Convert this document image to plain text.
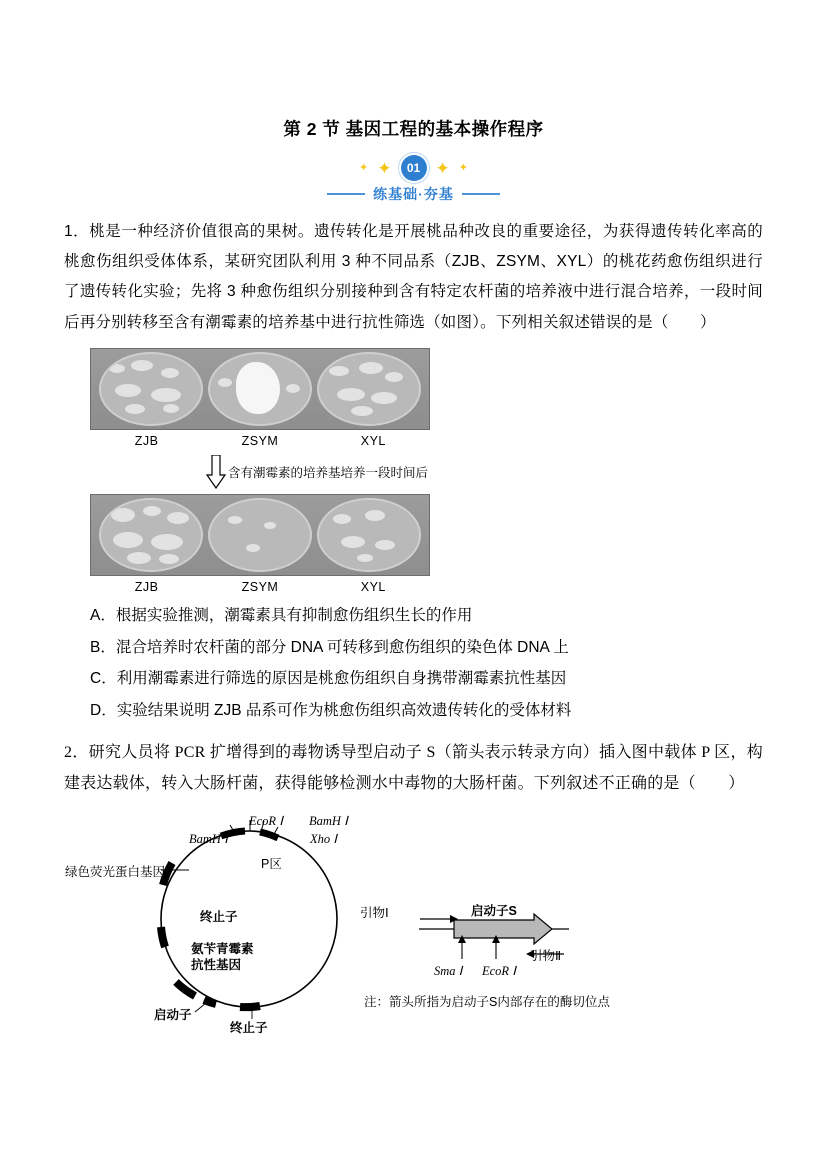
第 2 节 基因工程的基本操作程序
✦ ✦	01 ✦ ✦
练基础·夯基
1．桃是一种经济价值很高的果树。遗传转化是开展桃品种改良的重要途径，为获得遗传转化率高的桃愈伤组织受体体系，某研究团队利用 3 种不同品系（ZJB、ZSYM、XYL）的桃花药愈伤组织进行了遗传转化实验；先将 3 种愈伤组织分别接种到含有特定农杆菌的培养液中进行混合培养，一段时间后再分别转移至含有潮霉素的培养基中进行抗性筛选（如图）。下列相关叙述错误的是（　　）
ZJB	ZSYM	XYL
含有潮霉素的培养基培养一段时间后
ZJB	ZSYM	XYL
A．根据实验推测，潮霉素具有抑制愈伤组织生长的作用
B．混合培养时农杆菌的部分 DNA 可转移到愈伤组织的染色体 DNA 上
C．利用潮霉素进行筛选的原因是桃愈伤组织自身携带潮霉素抗性基因
D．实验结果说明 ZJB 品系可作为桃愈伤组织高效遗传转化的受体材料
2．研究人员将 PCR 扩增得到的毒物诱导型启动子 S（箭头表示转录方向）插入图中载体 P 区，构建表达载体，转入大肠杆菌，获得能够检测水中毒物的大肠杆菌。下列叙述不正确的是（　　）
EcoR Ⅰ BamH Ⅰ
BamH Ⅰ	Xho Ⅰ
P区
绿色荧光蛋白基因
终止子
氨苄青霉素抗性基因
启动子
终止子
引物Ⅰ	启动子S
Sma Ⅰ EcoR Ⅰ
引物Ⅱ
注：箭头所指为启动子S内部存在的酶切位点
